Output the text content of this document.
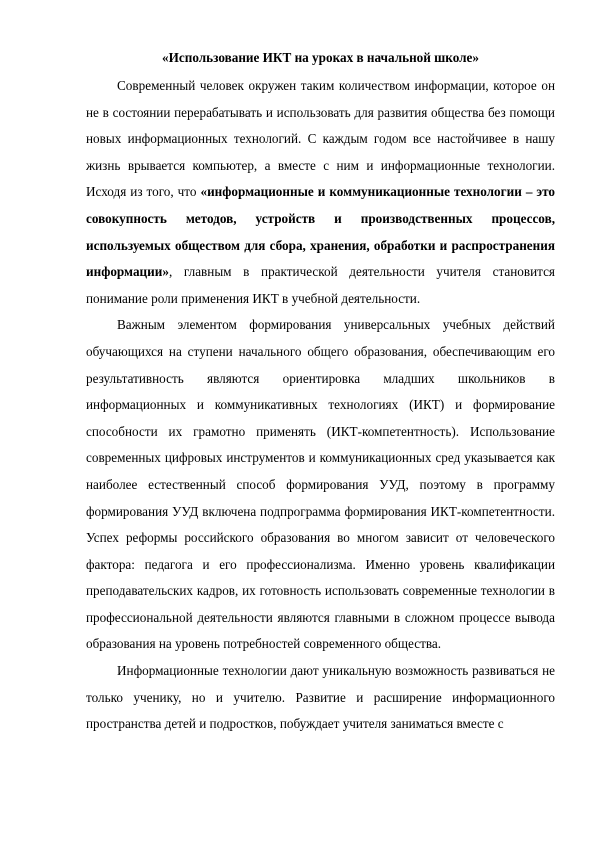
«Использование ИКТ на уроках в начальной школе»

Современный человек окружен таким количеством информации, которое он не в состоянии перерабатывать и использовать для развития общества без помощи новых информационных технологий. С каждым годом все настойчивее в нашу жизнь врывается компьютер, а вместе с ним и информационные технологии. Исходя из того, что «информационные и коммуникационные технологии – это совокупность методов, устройств и производственных процессов, используемых обществом для сбора, хранения, обработки и распространения информации», главным в практической деятельности учителя становится понимание роли применения ИКТ в учебной деятельности.

Важным элементом формирования универсальных учебных действий обучающихся на ступени начального общего образования, обеспечивающим его результативность являются ориентировка младших школьников в информационных и коммуникативных технологиях (ИКТ) и формирование способности их грамотно применять (ИКТ-компетентность). Использование современных цифровых инструментов и коммуникационных сред указывается как наиболее естественный способ формирования УУД, поэтому в программу формирования УУД включена подпрограмма формирования ИКТ-компетентности. Успех реформы российского образования во многом зависит от человеческого фактора: педагога и его профессионализма. Именно уровень квалификации преподавательских кадров, их готовность использовать современные технологии в профессиональной деятельности являются главными в сложном процессе вывода образования на уровень потребностей современного общества.

Информационные технологии дают уникальную возможность развиваться не только ученику, но и учителю. Развитие и расширение информационного пространства детей и подростков, побуждает учителя заниматься вместе с
